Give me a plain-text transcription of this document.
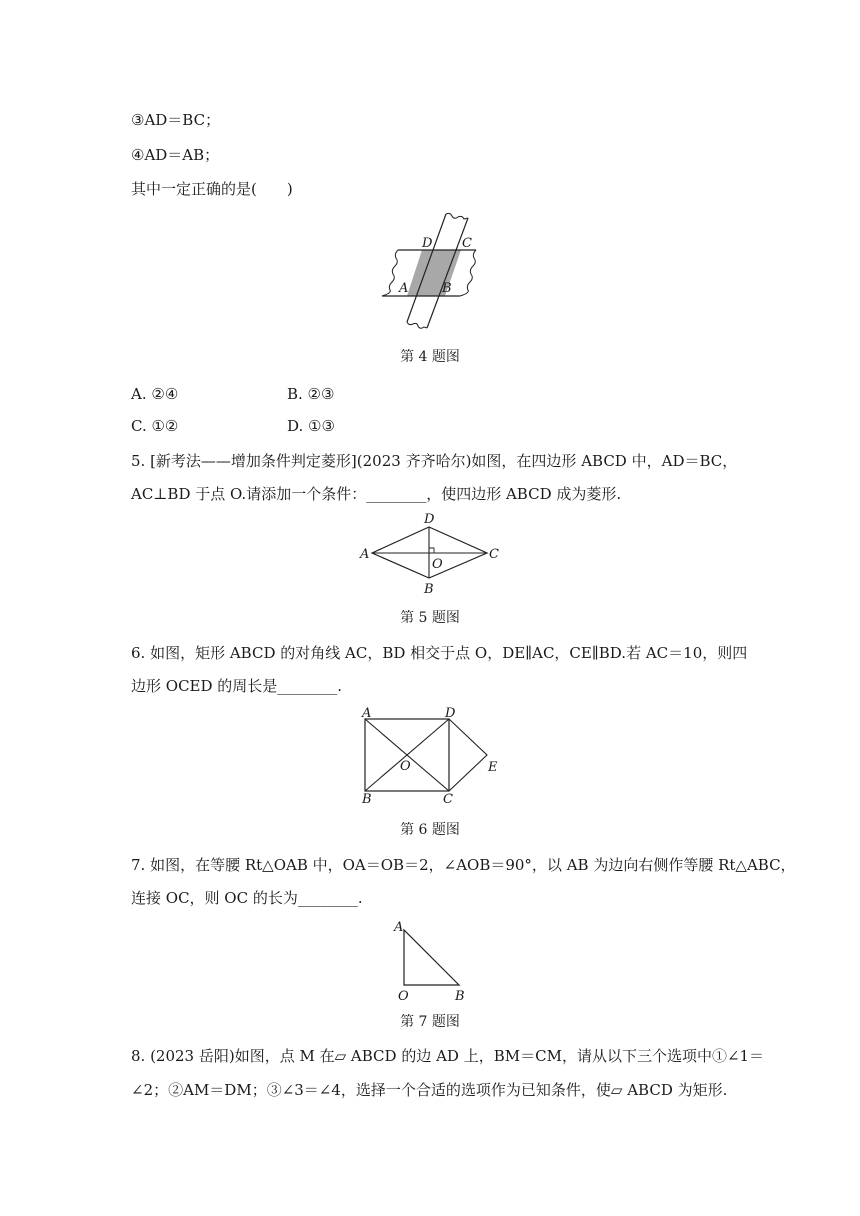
③AD＝BC；
④AD＝AB；
其中一定正确的是(　　)
D C
A	B
第 4 题图
A. ②④	B. ②③
C. ①②	D. ①③
5. [新考法——增加条件判定菱形](2023 齐齐哈尔)如图，在四边形 ABCD 中，AD＝BC，
AC⊥BD 于点 O.请添加一个条件：________，使四边形 ABCD 成为菱形.
D
A	C
O
B
第 5 题图
6. 如图，矩形 ABCD 的对角线 AC，BD 相交于点 O，DE∥AC，CE∥BD.若 AC＝10，则四
边形 OCED 的周长是________.
A	D
O	E
B	C
第 6 题图
7. 如图，在等腰 Rt△OAB 中，OA＝OB＝2，∠AOB＝90°，以 AB 为边向右侧作等腰 Rt△ABC，
连接 OC，则 OC 的长为________.
A
O	B
第 7 题图
8. (2023 岳阳)如图，点 M 在▱ ABCD 的边 AD 上，BM＝CM，请从以下三个选项中①∠1＝
∠2；②AM＝DM；③∠3＝∠4，选择一个合适的选项作为已知条件，使▱ ABCD 为矩形.
